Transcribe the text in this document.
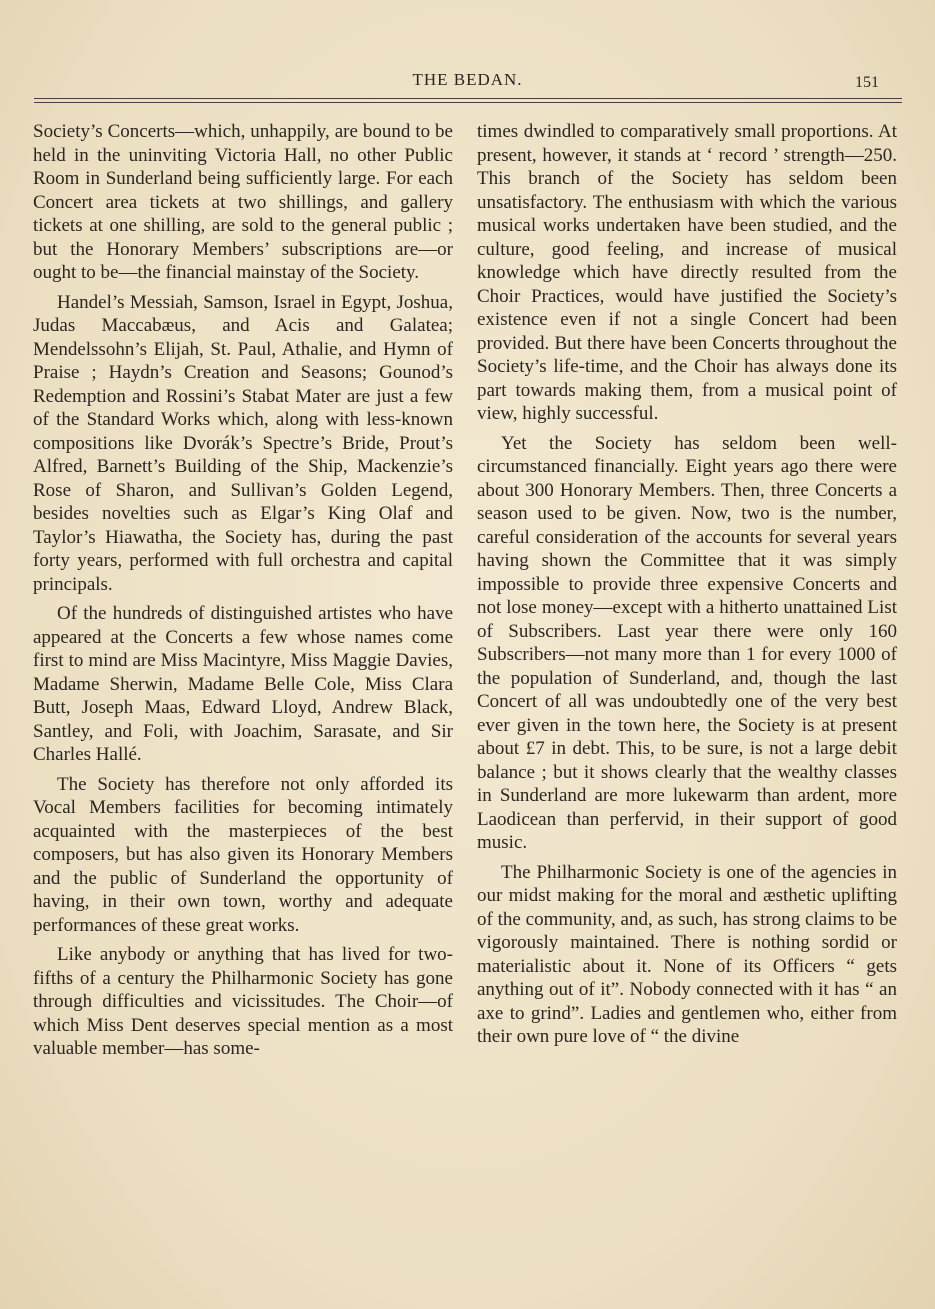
THE BEDAN.	151

Society’s Concerts—which, unhappily, are bound to be held in the uninviting Victoria Hall, no other Public Room in Sunderland being sufficiently large. For each Concert area tickets at two shillings, and gallery tickets at one shilling, are sold to the general public ; but the Honorary Members’ subscriptions are—or ought to be—the financial mainstay of the Society.

Handel’s Messiah, Samson, Israel in Egypt, Joshua, Judas Maccabæus, and Acis and Galatea; Mendelssohn’s Elijah, St. Paul, Athalie, and Hymn of Praise ; Haydn’s Creation and Seasons; Gounod’s Redemption and Rossini’s Stabat Mater are just a few of the Standard Works which, along with less-known compositions like Dvorák’s Spectre’s Bride, Prout’s Alfred, Barnett’s Building of the Ship, Mackenzie’s Rose of Sharon, and Sullivan’s Golden Legend, besides novelties such as Elgar’s King Olaf and Taylor’s Hiawatha, the Society has, during the past forty years, performed with full orchestra and capital principals.

Of the hundreds of distinguished artistes who have appeared at the Concerts a few whose names come first to mind are Miss Macintyre, Miss Maggie Davies, Madame Sherwin, Madame Belle Cole, Miss Clara Butt, Joseph Maas, Edward Lloyd, Andrew Black, Santley, and Foli, with Joachim, Sarasate, and Sir Charles Hallé.

The Society has therefore not only afforded its Vocal Members facilities for becoming intimately acquainted with the masterpieces of the best composers, but has also given its Honorary Members and the public of Sunderland the opportunity of having, in their own town, worthy and adequate performances of these great works.

Like anybody or anything that has lived for two-fifths of a century the Philharmonic Society has gone through difficulties and vicissitudes. The Choir—of which Miss Dent deserves special mention as a most valuable member—has some-

times dwindled to comparatively small proportions. At present, however, it stands at ‘ record ’ strength—250. This branch of the Society has seldom been unsatisfactory. The enthusiasm with which the various musical works undertaken have been studied, and the culture, good feeling, and increase of musical knowledge which have directly resulted from the Choir Practices, would have justified the Society’s existence even if not a single Concert had been provided. But there have been Concerts throughout the Society’s life-time, and the Choir has always done its part towards making them, from a musical point of view, highly successful.

Yet the Society has seldom been well-circumstanced financially. Eight years ago there were about 300 Honorary Members. Then, three Concerts a season used to be given. Now, two is the number, careful consideration of the accounts for several years having shown the Committee that it was simply impossible to provide three expensive Concerts and not lose money—except with a hitherto unattained List of Subscribers. Last year there were only 160 Subscribers—not many more than 1 for every 1000 of the population of Sunderland, and, though the last Concert of all was undoubtedly one of the very best ever given in the town here, the Society is at present about £7 in debt. This, to be sure, is not a large debit balance ; but it shows clearly that the wealthy classes in Sunderland are more lukewarm than ardent, more Laodicean than perfervid, in their support of good music.

The Philharmonic Society is one of the agencies in our midst making for the moral and æsthetic uplifting of the community, and, as such, has strong claims to be vigorously maintained. There is nothing sordid or materialistic about it. None of its Officers “ gets anything out of it”. Nobody connected with it has “ an axe to grind”. Ladies and gentlemen who, either from their own pure love of “ the divine
